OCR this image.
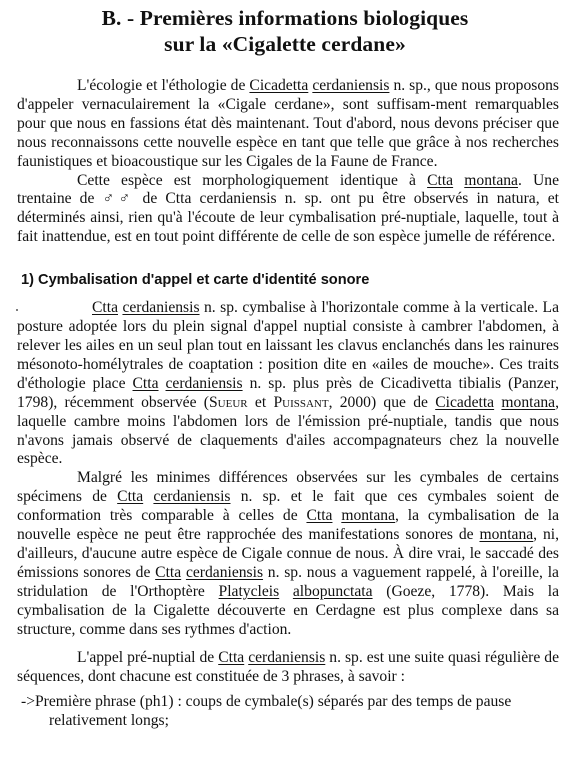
B. - Premières informations biologiques
sur la «Cigalette cerdane»

L'écologie et l'éthologie de Cicadetta cerdaniensis n. sp., que nous proposons d'appeler vernaculairement la «Cigale cerdane», sont suffisam-ment remarquables pour que nous en fassions état dès maintenant. Tout d'abord, nous devons préciser que nous reconnaissons cette nouvelle espèce en tant que telle que grâce à nos recherches faunistiques et bioacoustique sur les Cigales de la Faune de France.

Cette espèce est morphologiquement identique à Ctta montana. Une trentaine de ♂♂ de Ctta cerdaniensis n. sp. ont pu être observés in natura, et déterminés ainsi, rien qu'à l'écoute de leur cymbalisation pré-nuptiale, laquelle, tout à fait inattendue, est en tout point différente de celle de son espèce jumelle de référence.

1) Cymbalisation d'appel et carte d'identité sonore

Ctta cerdaniensis n. sp. cymbalise à l'horizontale comme à la verticale. La posture adoptée lors du plein signal d'appel nuptial consiste à cambrer l'abdomen, à relever les ailes en un seul plan tout en laissant les clavus enclanchés dans les rainures mésonoto-homélytrales de coaptation : position dite en «ailes de mouche». Ces traits d'éthologie place Ctta cerdaniensis n. sp. plus près de Cicadivetta tibialis (Panzer, 1798), récemment observée (Sueur et Puissant, 2000) que de Cicadetta montana, laquelle cambre moins l'abdomen lors de l'émission pré-nuptiale, tandis que nous n'avons jamais observé de claquements d'ailes accompagnateurs chez la nouvelle espèce.

Malgré les minimes différences observées sur les cymbales de certains spécimens de Ctta cerdaniensis n. sp. et le fait que ces cymbales soient de conformation très comparable à celles de Ctta montana, la cymbalisation de la nouvelle espèce ne peut être rapprochée des manifestations sonores de montana, ni, d'ailleurs, d'aucune autre espèce de Cigale connue de nous. À dire vrai, le saccadé des émissions sonores de Ctta cerdaniensis n. sp. nous a vaguement rappelé, à l'oreille, la stridulation de l'Orthoptère Platycleis albopunctata (Goeze, 1778). Mais la cymbalisation de la Cigalette découverte en Cerdagne est plus complexe dans sa structure, comme dans ses rythmes d'action.

L'appel pré-nuptial de Ctta cerdaniensis n. sp. est une suite quasi régulière de séquences, dont chacune est constituée de 3 phrases, à savoir :

->Première phrase (ph1) : coups de cymbale(s) séparés par des temps de pause relativement longs;
